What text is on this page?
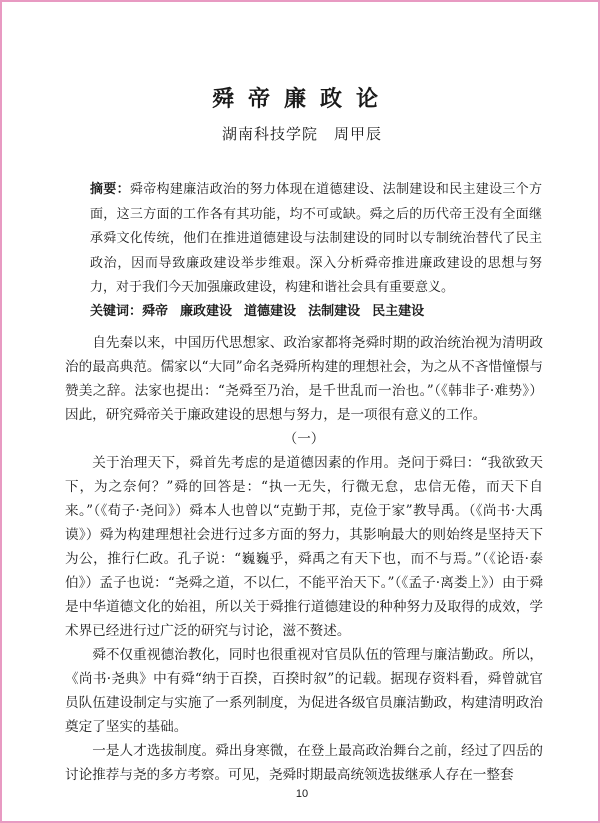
舜帝廉政论
湖南科技学院　周甲辰
摘要：舜帝构建廉洁政治的努力体现在道德建设、法制建设和民主建设三个方面，这三方面的工作各有其功能，均不可或缺。舜之后的历代帝王没有全面继承舜文化传统，他们在推进道德建设与法制建设的同时以专制统治替代了民主政治，因而导致廉政建设举步维艰。深入分析舜帝推进廉政建设的思想与努力，对于我们今天加强廉政建设，构建和谐社会具有重要意义。
关键词：舜帝 廉政建设 道德建设 法制建设 民主建设

自先秦以来，中国历代思想家、政治家都将尧舜时期的政治统治视为清明政治的最高典范。儒家以“大同”命名尧舜所构建的理想社会，为之从不吝惜憧憬与赞美之辞。法家也提出：“尧舜至乃治，是千世乱而一治也。”（《韩非子·难势》）因此，研究舜帝关于廉政建设的思想与努力，是一项很有意义的工作。

（一）

关于治理天下，舜首先考虑的是道德因素的作用。尧问于舜曰：“我欲致天下，为之奈何？”舜的回答是：“执一无失，行微无怠，忠信无倦，而天下自来。”（《荀子·尧问》）舜本人也曾以“克勤于邦，克俭于家”教导禹。（《尚书·大禹谟》）舜为构建理想社会进行过多方面的努力，其影响最大的则始终是坚持天下为公，推行仁政。孔子说：“巍巍乎，舜禹之有天下也，而不与焉。”（《论语·泰伯》）孟子也说：“尧舜之道，不以仁，不能平治天下。”（《孟子·离娄上》）由于舜是中华道德文化的始祖，所以关于舜推行道德建设的种种努力及取得的成效，学术界已经进行过广泛的研究与讨论，滋不赘述。

舜不仅重视德治教化，同时也很重视对官员队伍的管理与廉洁勤政。所以，《尚书·尧典》中有舜“纳于百揆，百揆时叙”的记载。据现存资料看，舜曾就官员队伍建设制定与实施了一系列制度，为促进各级官员廉洁勤政，构建清明政治奠定了坚实的基础。

一是人才选拔制度。舜出身寒微，在登上最高政治舞台之前，经过了四岳的讨论推荐与尧的多方考察。可见，尧舜时期最高统领选拔继承人存在一整套

10
